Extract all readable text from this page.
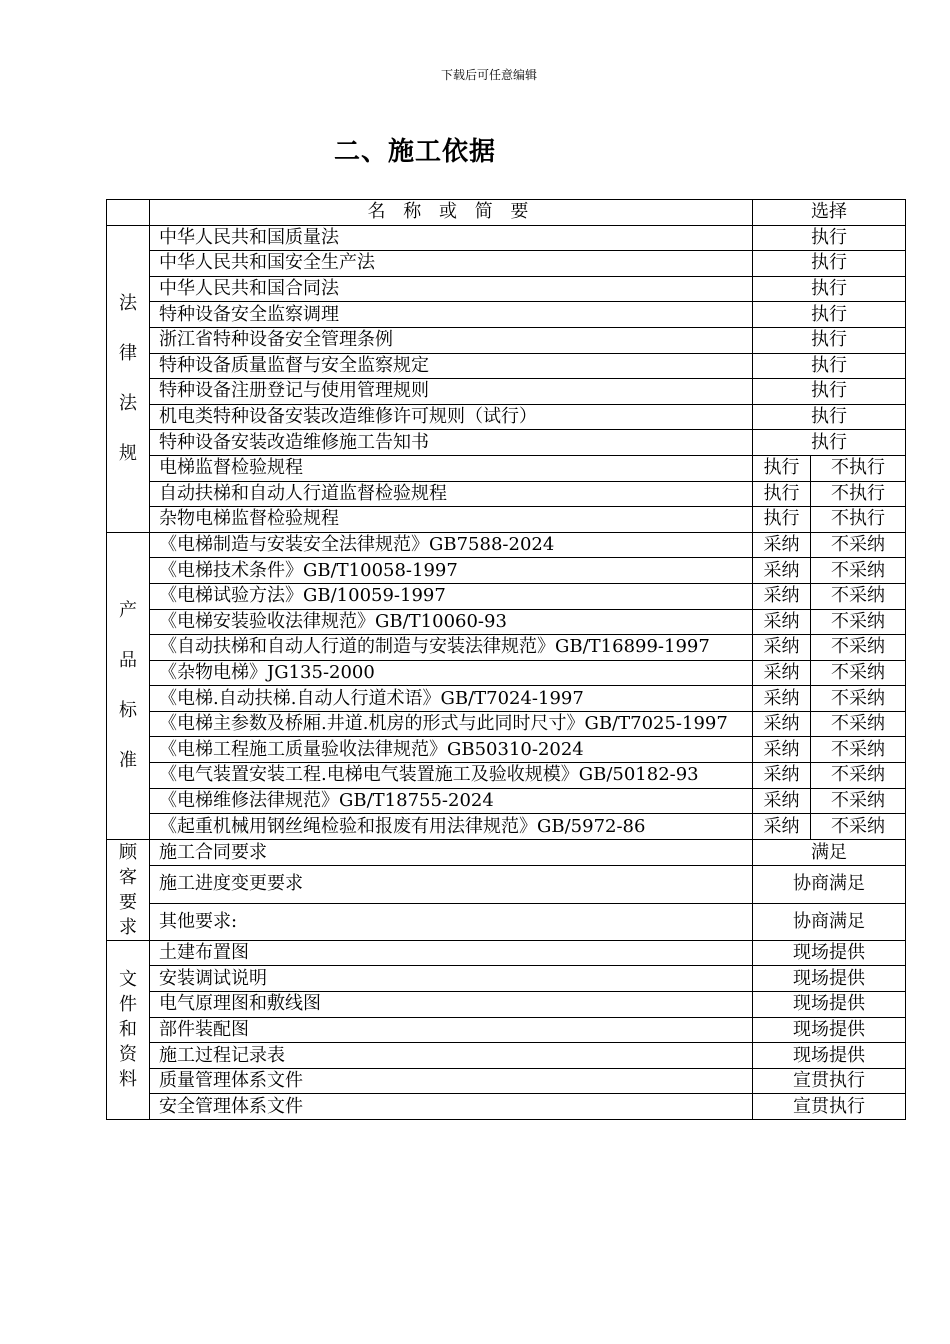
下载后可任意编辑
二、施工依据
	名 称 或 简 要	选择	

法
律
法
规	中华人民共和国质量法	执行	
	中华人民共和国安全生产法	执行	
	中华人民共和国合同法	执行	
	特种设备安全监察调理	执行	
	浙江省特种设备安全管理条例	执行	
	特种设备质量监督与安全监察规定	执行	
	特种设备注册登记与使用管理规则	执行	
	机电类特种设备安装改造维修许可规则（试行）	执行	
	特种设备安装改造维修施工告知书	执行	
	电梯监督检验规程	执行	不执行
	自动扶梯和自动人行道监督检验规程	执行	不执行
	杂物电梯监督检验规程	执行	不执行

产
品
标
准	《电梯制造与安装安全法律规范》GB7588-2024	采纳	不采纳
	《电梯技术条件》GB/T10058-1997	采纳	不采纳
	《电梯试验方法》GB/10059-1997	采纳	不采纳
	《电梯安装验收法律规范》GB/T10060-93	采纳	不采纳
	《自动扶梯和自动人行道的制造与安装法律规范》GB/T16899-1997	采纳	不采纳
	《杂物电梯》JG135-2000	采纳	不采纳
	《电梯.自动扶梯.自动人行道术语》GB/T7024-1997	采纳	不采纳
	《电梯主参数及桥厢.井道.机房的形式与此同时尺寸》GB/T7025-1997	采纳	不采纳
	《电梯工程施工质量验收法律规范》GB50310-2024	采纳	不采纳
	《电气装置安装工程.电梯电气装置施工及验收规模》GB/50182-93	采纳	不采纳
	《电梯维修法律规范》GB/T18755-2024	采纳	不采纳
	《起重机械用钢丝绳检验和报废有用法律规范》GB/5972-86	采纳	不采纳

顾
客
要
求	施工合同要求	满足	
	施工进度变更要求	协商满足	
	其他要求:	协商满足	

文
件
和
资
料	土建布置图	现场提供	
	安装调试说明	现场提供	
	电气原理图和敷线图	现场提供	
	部件装配图	现场提供	
	施工过程记录表	现场提供	
	质量管理体系文件	宣贯执行	
	安全管理体系文件	宣贯执行	
